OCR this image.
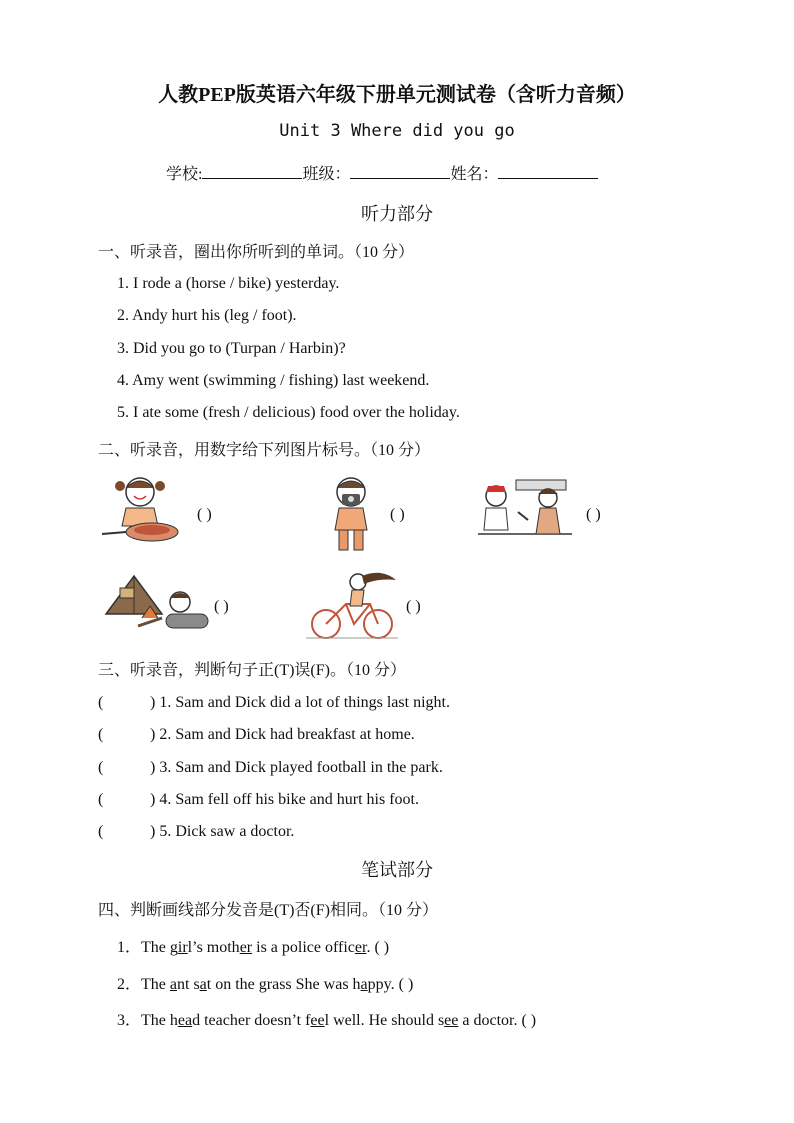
人教PEP版英语六年级下册单元测试卷（含听力音频）
Unit 3 Where did you go
学校:	班级：	姓名：
听力部分
一、听录音，圈出你所听到的单词。（10 分）
1. I rode a (horse / bike) yesterday.
2. Andy hurt his (leg / foot).
3. Did you go to (Turpan / Harbin)?
4. Amy went (swimming / fishing) last weekend.
5. I ate some (fresh / delicious) food over the holiday.
二、听录音，用数字给下列图片标号。（10 分）
( )	( )	( )
( )	( )
三、听录音，判断句子正(T)误(F)。（10 分）
(	) 1. Sam and Dick did a lot of things last night.
(	) 2. Sam and Dick had breakfast at home.
(	) 3. Sam and Dick played football in the park.
(	) 4. Sam fell off his bike and hurt his foot.
(	) 5. Dick saw a doctor.
笔试部分
四、判断画线部分发音是(T)否(F)相同。（10 分）
1．The girl’s mother is a police officer. ( )
2．The ant sat on the grass She was happy. ( )
3．The head teacher doesn’t feel well. He should see a doctor. ( )
